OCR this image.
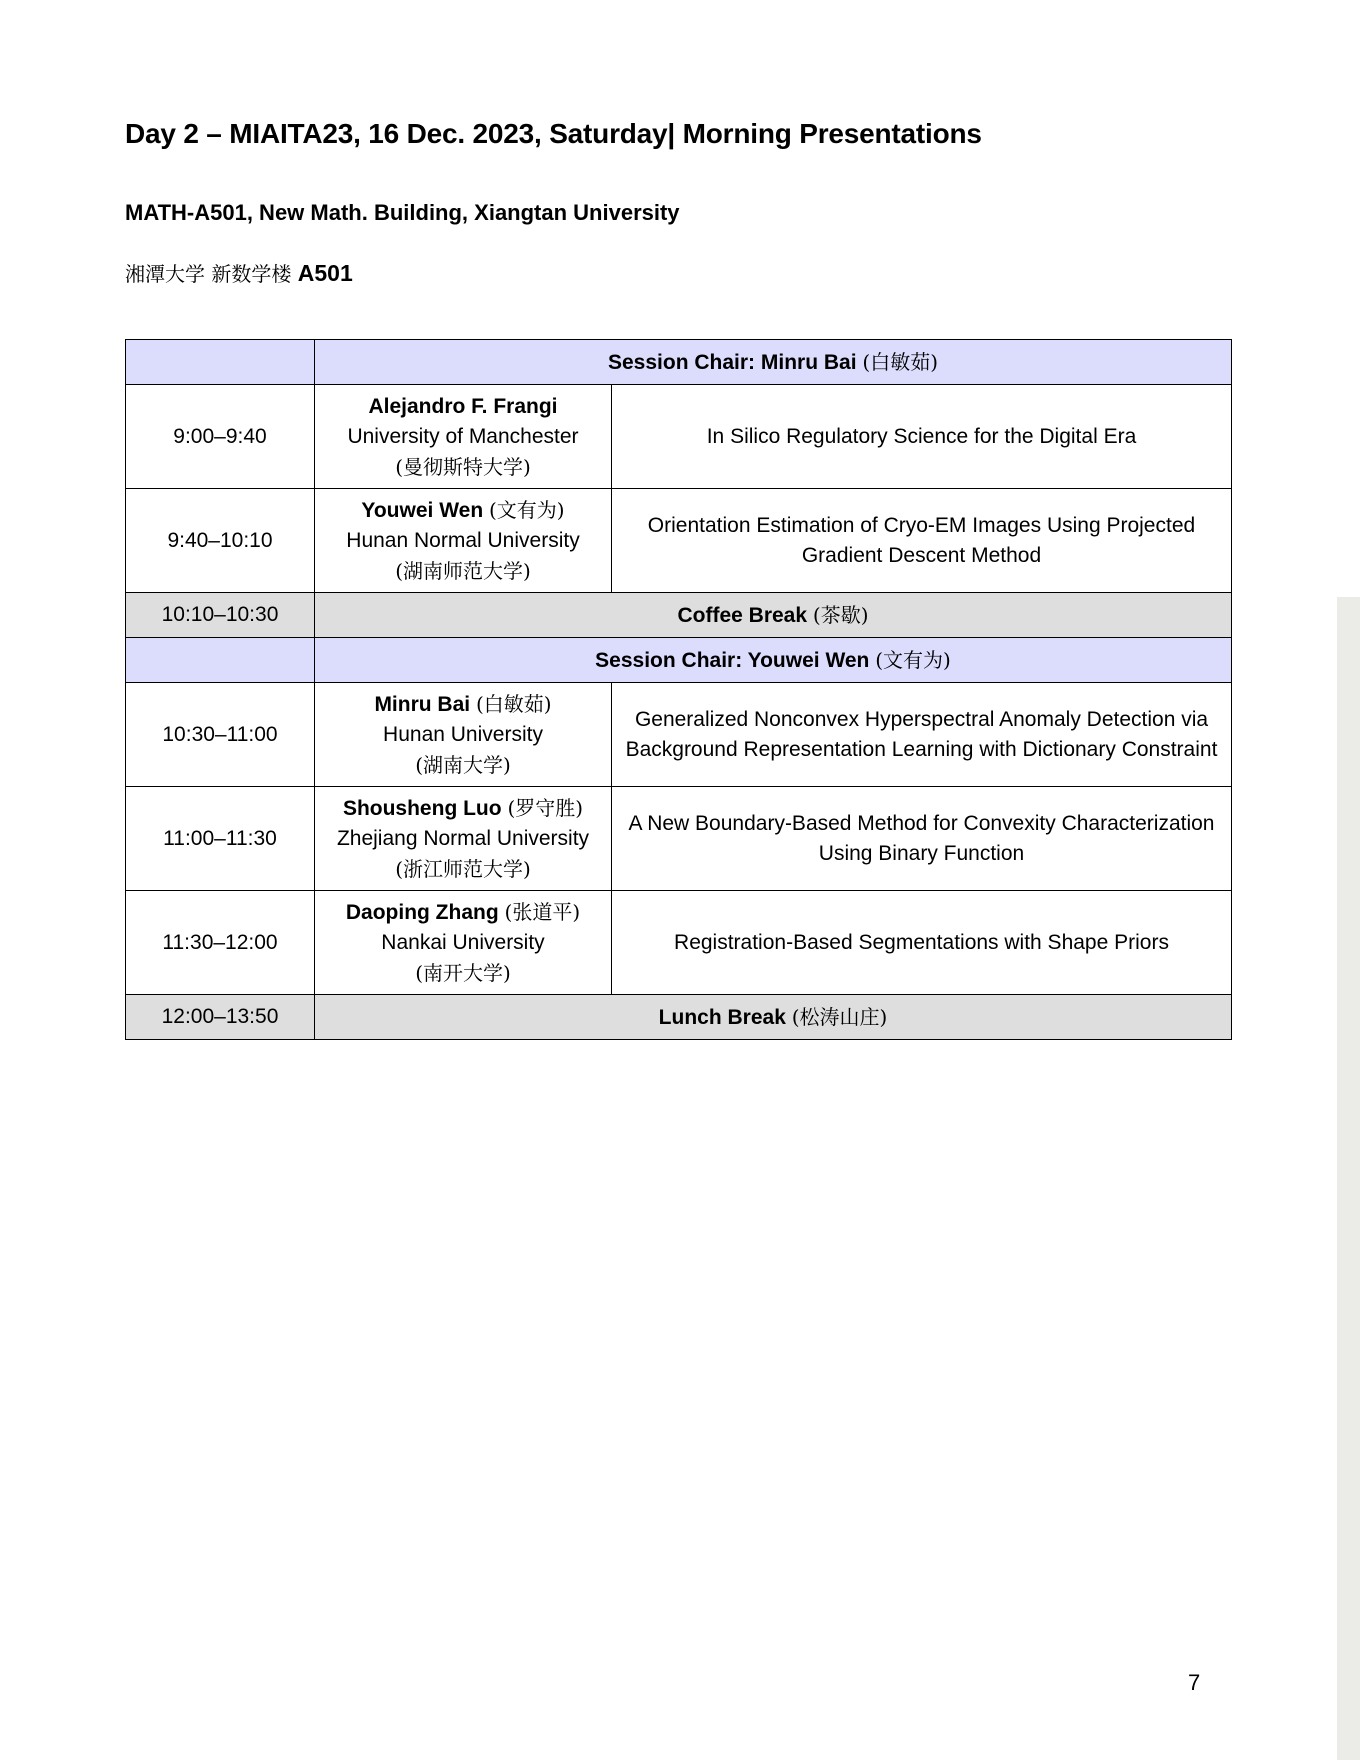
Day 2 – MIAITA23, 16 Dec. 2023, Saturday| Morning Presentations
MATH-A501, New Math. Building, Xiangtan University
湘潭大学 新数学楼 A501
	Session Chair: Minru Bai (白敏茹)	
9:00–9:40	Alejandro F. Frangi
University of Manchester
(曼彻斯特大学)	In Silico Regulatory Science for the Digital Era
9:40–10:10	Youwei Wen (文有为)
Hunan Normal University
(湖南师范大学)	Orientation Estimation of Cryo-EM Images Using Projected Gradient Descent Method
10:10–10:30	Coffee Break (茶歇)	
	Session Chair: Youwei Wen (文有为)	
10:30–11:00	Minru Bai (白敏茹)
Hunan University
(湖南大学)	Generalized Nonconvex Hyperspectral Anomaly Detection via Background Representation Learning with Dictionary Constraint
11:00–11:30	Shousheng Luo (罗守胜)
Zhejiang Normal University
(浙江师范大学)	A New Boundary-Based Method for Convexity Characterization Using Binary Function
11:30–12:00	Daoping Zhang (张道平)
Nankai University
(南开大学)	Registration-Based Segmentations with Shape Priors
12:00–13:50	Lunch Break (松涛山庄)	
7
